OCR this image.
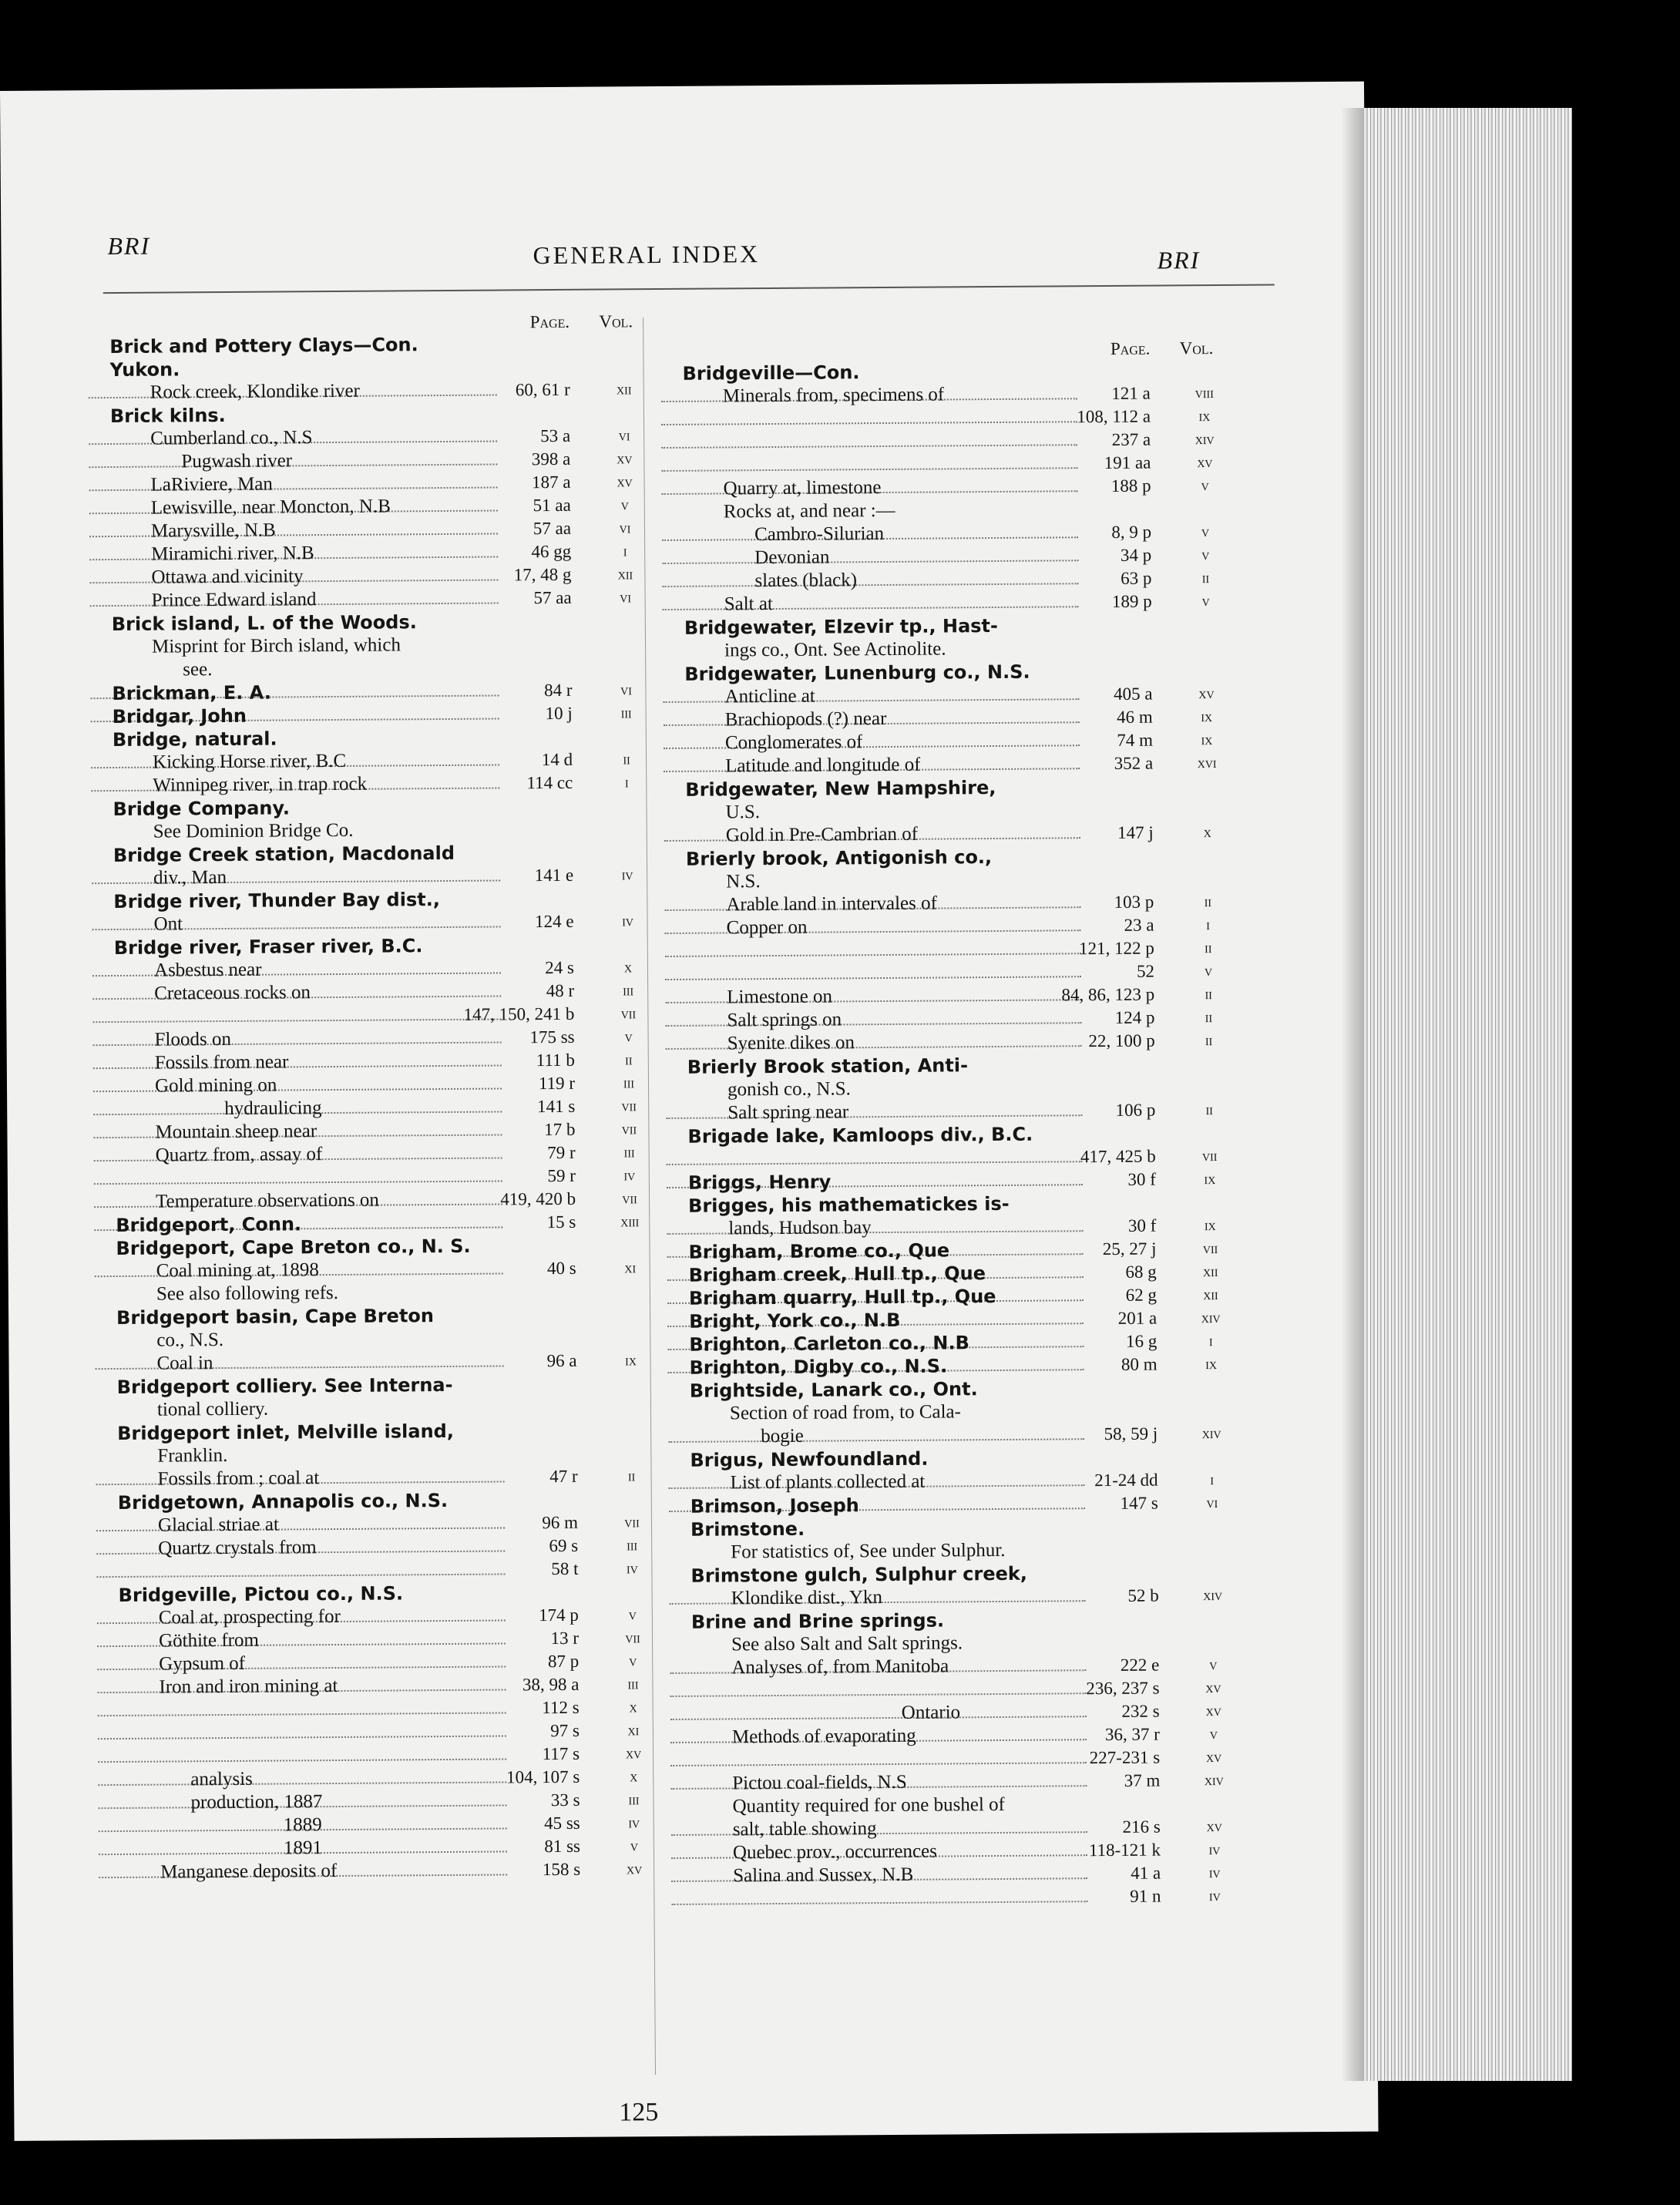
BRI	GENERAL INDEX	BRI
Page. Vol.
Brick and Pottery Clays—Con.
Yukon.
Rock creek, Klondike river	60, 61 r	xii
Brick kilns.
Cumberland co., N.S	53 a	vi
Pugwash river	398 a	xv
LaRiviere, Man	187 a	xv
Lewisville, near Moncton, N.B	51 aa	v
Marysville, N.B	57 aa	vi
Miramichi river, N.B	46 gg	i
Ottawa and vicinity	17, 48 g	xii
Prince Edward island	57 aa	vi
Brick island, L. of the Woods.
Misprint for Birch island, which
see.
Brickman, E. A.	84 r	vi
Bridgar, John	10 j	iii
Bridge, natural.
Kicking Horse river, B.C	14 d	ii
Winnipeg river, in trap rock	114 cc	i
Bridge Company.
See Dominion Bridge Co.
Bridge Creek station, Macdonald
div., Man	141 e	iv
Bridge river, Thunder Bay dist.,
Ont	124 e	iv
Bridge river, Fraser river, B.C.
Asbestus near	24 s	x
Cretaceous rocks on	48 r	iii
147, 150, 241 b	vii
Floods on	175 ss	v
Fossils from near	111 b	ii
Gold mining on	119 r	iii
hydraulicing	141 s	vii
Mountain sheep near	17 b	vii
Quartz from, assay of	79 r	iii
59 r	iv
Temperature observations on	419, 420 b	vii
Bridgeport, Conn.	15 s	xiii
Bridgeport, Cape Breton co., N. S.
Coal mining at, 1898	40 s	xi
See also following refs.
Bridgeport basin, Cape Breton
co., N.S.
Coal in	96 a	ix
Bridgeport colliery. See Interna-
tional colliery.
Bridgeport inlet, Melville island,
Franklin.
Fossils from ; coal at	47 r	ii
Bridgetown, Annapolis co., N.S.
Glacial striae at	96 m	vii
Quartz crystals from	69 s	iii
58 t	iv
Bridgeville, Pictou co., N.S.
Coal at, prospecting for	174 p	v
Göthite from	13 r	vii
Gypsum of	87 p	v
Iron and iron mining at	38, 98 a	iii
112 s	x
97 s	xi
117 s	xv
analysis	104, 107 s	x
production, 1887	33 s	iii
1889	45 ss	iv
1891	81 ss	v
Manganese deposits of	158 s	xv
Page. Vol.
Bridgeville—Con.
Minerals from, specimens of	121 a	viii
108, 112 a	ix
237 a	xiv
191 aa	xv
Quarry at, limestone	188 p	v
Rocks at, and near :—
Cambro-Silurian	8, 9 p	v
Devonian	34 p	v
slates (black)	63 p	ii
Salt at	189 p	v
Bridgewater, Elzevir tp., Hast-
ings co., Ont. See Actinolite.
Bridgewater, Lunenburg co., N.S.
Anticline at	405 a	xv
Brachiopods (?) near	46 m	ix
Conglomerates of	74 m	ix
Latitude and longitude of	352 a	xvi
Bridgewater, New Hampshire,
U.S.
Gold in Pre-Cambrian of	147 j	x
Brierly brook, Antigonish co.,
N.S.
Arable land in intervales of	103 p	ii
Copper on	23 a	i
121, 122 p	ii
52	v
Limestone on	84, 86, 123 p	ii
Salt springs on	124 p	ii
Syenite dikes on	22, 100 p	ii
Brierly Brook station, Anti-
gonish co., N.S.
Salt spring near	106 p	ii
Brigade lake, Kamloops div., B.C.
417, 425 b	vii
Briggs, Henry	30 f	ix
Brigges, his mathematickes is-
lands, Hudson bay	30 f	ix
Brigham, Brome co., Que	25, 27 j	vii
Brigham creek, Hull tp., Que	68 g	xii
Brigham quarry, Hull tp., Que	62 g	xii
Bright, York co., N.B	201 a	xiv
Brighton, Carleton co., N.B	16 g	i
Brighton, Digby co., N.S.	80 m	ix
Brightside, Lanark co., Ont.
Section of road from, to Cala-
bogie	58, 59 j	xiv
Brigus, Newfoundland.
List of plants collected at	21-24 dd	i
Brimson, Joseph	147 s	vi
Brimstone.
For statistics of, See under Sulphur.
Brimstone gulch, Sulphur creek,
Klondike dist., Ykn	52 b	xiv
Brine and Brine springs.
See also Salt and Salt springs.
Analyses of, from Manitoba	222 e	v
236, 237 s	xv
Ontario	232 s	xv
Methods of evaporating	36, 37 r	v
227-231 s	xv
Pictou coal-fields, N.S	37 m	xiv
Quantity required for one bushel of
salt, table showing	216 s	xv
Quebec prov., occurrences	118-121 k	iv
Salina and Sussex, N.B	41 a	iv
91 n	iv
125
